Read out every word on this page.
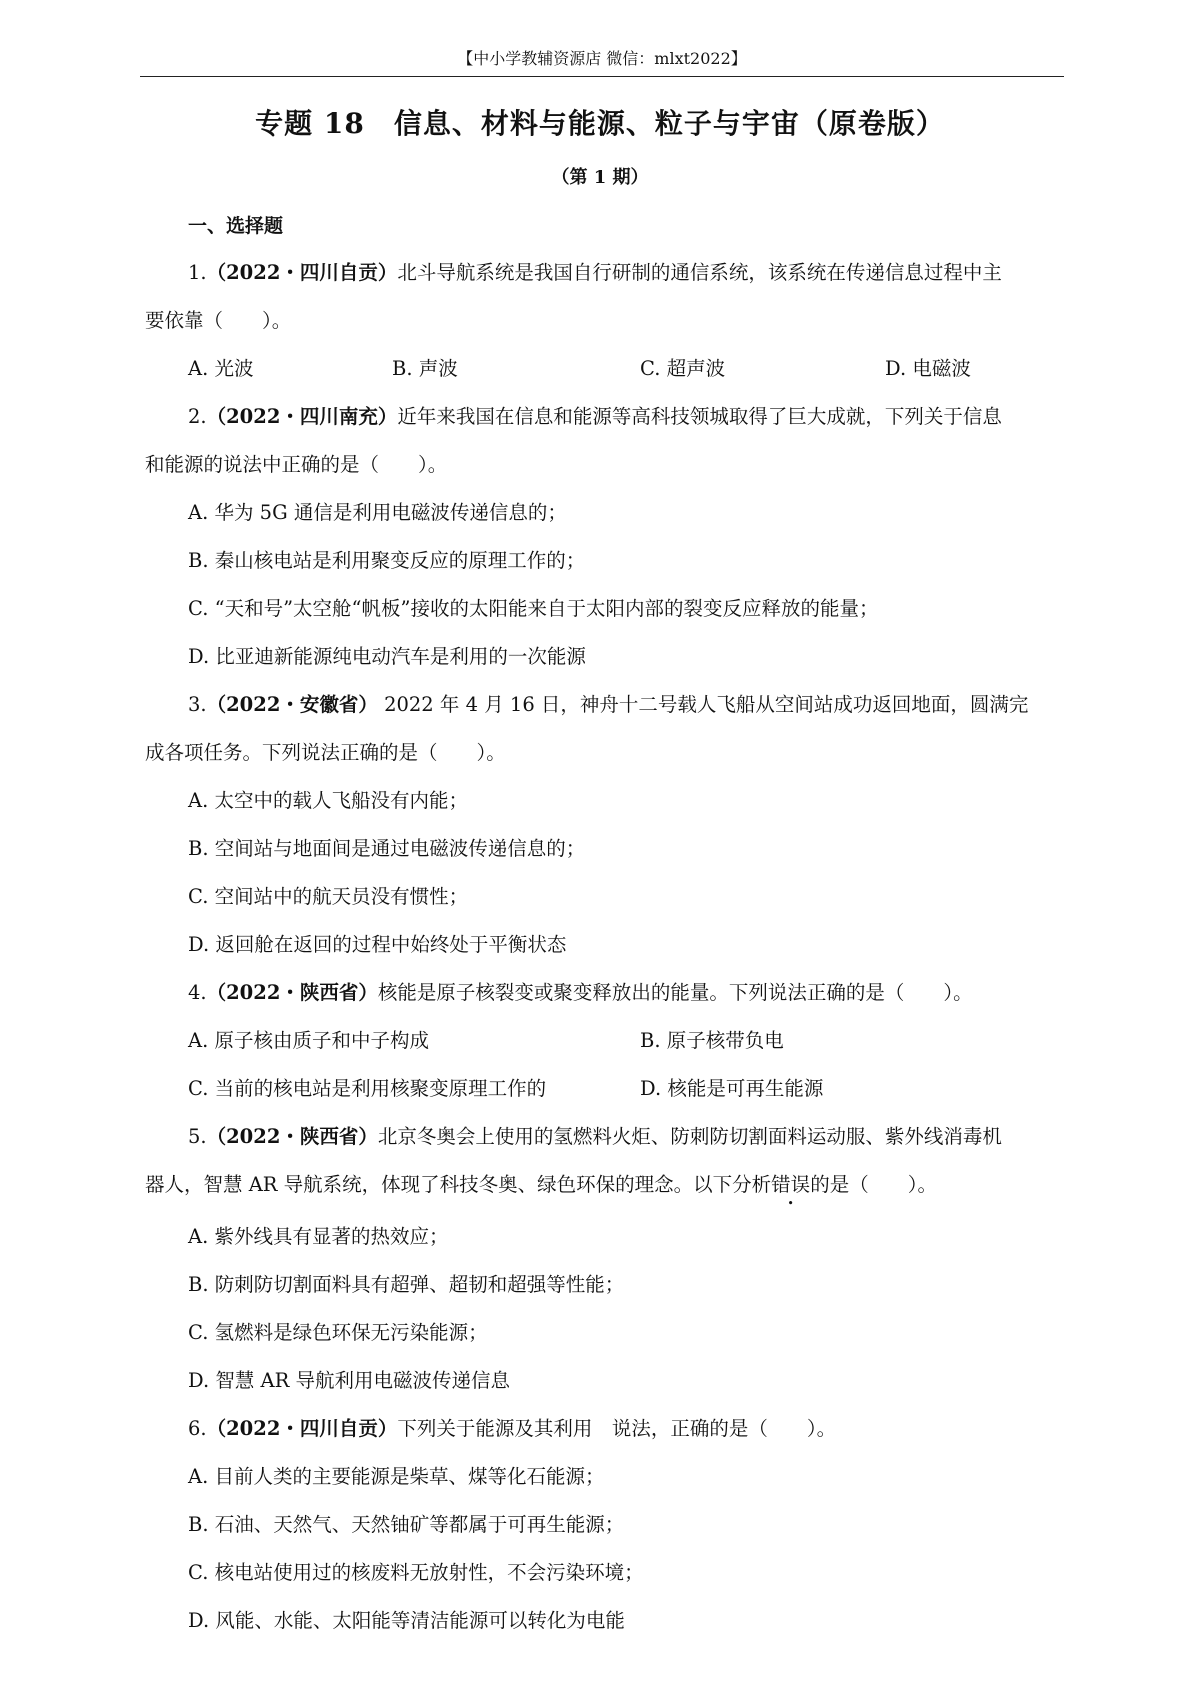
【中小学教辅资源店 微信：mlxt2022】
专题 18　信息、材料与能源、粒子与宇宙（原卷版）
（第 1 期）
一、选择题
1.（2022・四川自贡）北斗导航系统是我国自行研制的通信系统，该系统在传递信息过程中主
要依靠（　　）。
A. 光波	B. 声波	C. 超声波	D. 电磁波
2.（2022・四川南充）近年来我国在信息和能源等高科技领城取得了巨大成就，下列关于信息
和能源的说法中正确的是（　　）。
A. 华为 5G 通信是利用电磁波传递信息的；
B. 秦山核电站是利用聚变反应的原理工作的；
C. “天和号”太空舱“帆板”接收的太阳能来自于太阳内部的裂变反应释放的能量；
D. 比亚迪新能源纯电动汽车是利用的一次能源
3.（2022・安徽省） 2022 年 4 月 16 日，神舟十二号载人飞船从空间站成功返回地面，圆满完
成各项任务。下列说法正确的是（　　）。
A. 太空中的载人飞船没有内能；
B. 空间站与地面间是通过电磁波传递信息的；
C. 空间站中的航天员没有惯性；
D. 返回舱在返回的过程中始终处于平衡状态
4.（2022・陕西省）核能是原子核裂变或聚变释放出的能量。下列说法正确的是（　　）。
A. 原子核由质子和中子构成	B. 原子核带负电
C. 当前的核电站是利用核聚变原理工作的	D. 核能是可再生能源
5.（2022・陕西省）北京冬奥会上使用的氢燃料火炬、防刺防切割面料运动服、紫外线消毒机
器人，智慧 AR 导航系统，体现了科技冬奥、绿色环保的理念。以下分析错误的是（　　）。
A. 紫外线具有显著的热效应；
B. 防刺防切割面料具有超弹、超韧和超强等性能；
C. 氢燃料是绿色环保无污染能源；
D. 智慧 AR 导航利用电磁波传递信息
6.（2022・四川自贡）下列关于能源及其利用　说法，正确的是（　　）。
A. 目前人类的主要能源是柴草、煤等化石能源；
B. 石油、天然气、天然铀矿等都属于可再生能源；
C. 核电站使用过的核废料无放射性，不会污染环境；
D. 风能、水能、太阳能等清洁能源可以转化为电能
